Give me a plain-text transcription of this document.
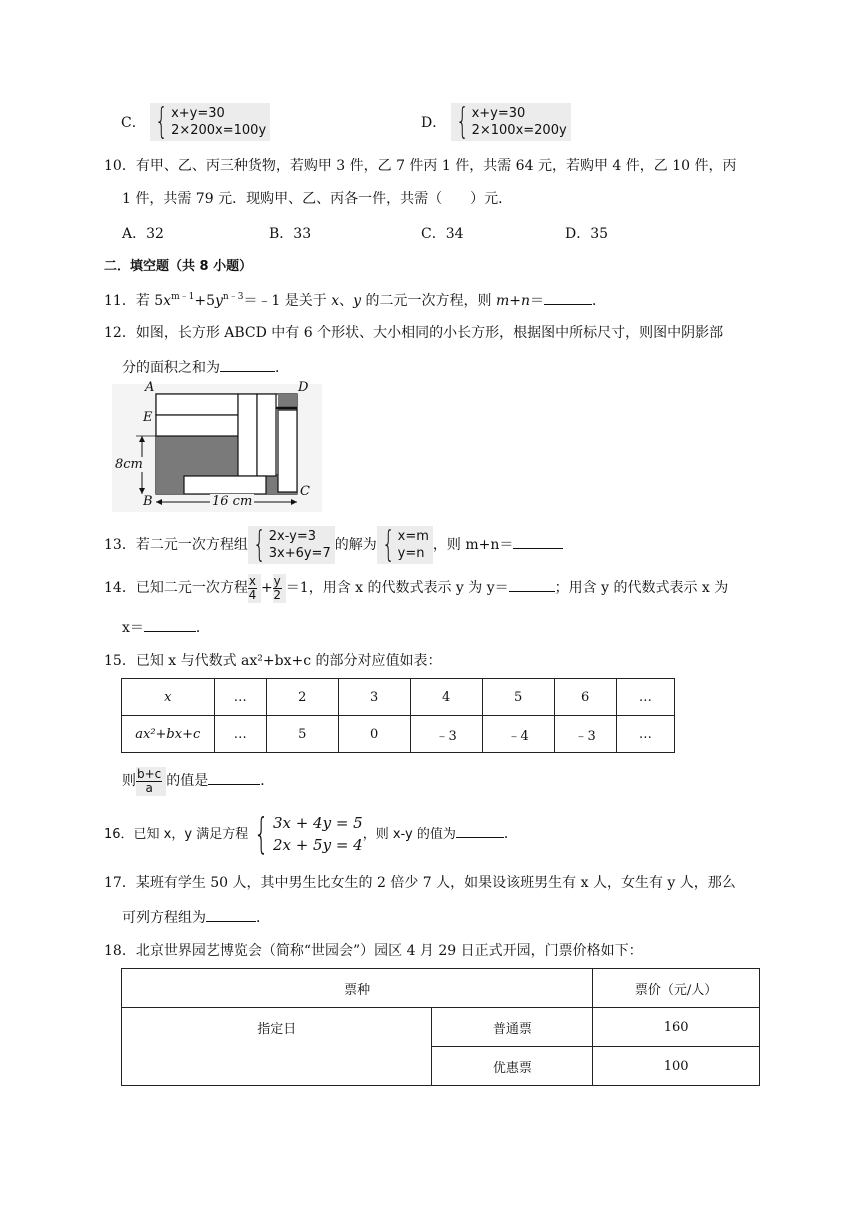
C． { x+y=30
2×200x=100y	D． { x+y=30
2×100x=200y
10．有甲、乙、丙三种货物，若购甲 3 件，乙 7 件丙 1 件，共需 64 元，若购甲 4 件，乙 10 件，丙
1 件，共需 79 元．现购甲、乙、丙各一件，共需（　　）元．
A．32	B．33	C．34	D．35
二．填空题（共 8 小题）
11．若 $5x^{m﹣1}+5y^{n﹣3}=﹣1$ 是关于 x、y 的二元一次方程，则 m+n＝	．
12．如图，长方形 ABCD 中有 6 个形状、大小相同的小长方形，根据图中所标尺寸，则图中阴影部
分的面积之和为	．
A	D
E
B
C
8cm
16 cm
13．若二元一次方程组 { 2x-y=3
3x+6y=7
的解为 { x=m
y=n
，则 m+n＝
14．已知二元一次方程 $\frac{x}{4} + \frac{y}{2} =1$，用含 x 的代数式表示 y 为 y＝	；用含 y 的代数式表示 x 为
x＝	．
15．已知 x 与代数式 ax²+bx+c 的部分对应值如表：
x	…	2	3	4	5	6	…
ax²+bx+c	…	5	0	﹣3	﹣4	﹣3	…
则 $\frac{b+c}{a}$ 的值是	．
16．已知 x，y 满足方程 { 3x + 4y = 5
2x + 5y = 4
，则 x-y 的值为	．
17．某班有学生 50 人，其中男生比女生的 2 倍少 7 人，如果设该班男生有 x 人，女生有 y 人，那么
可列方程组为	．
18．北京世界园艺博览会（简称“世园会”）园区 4 月 29 日正式开园，门票价格如下：
票种		票价（元/人）
指定日	普通票	160
	优惠票	100
